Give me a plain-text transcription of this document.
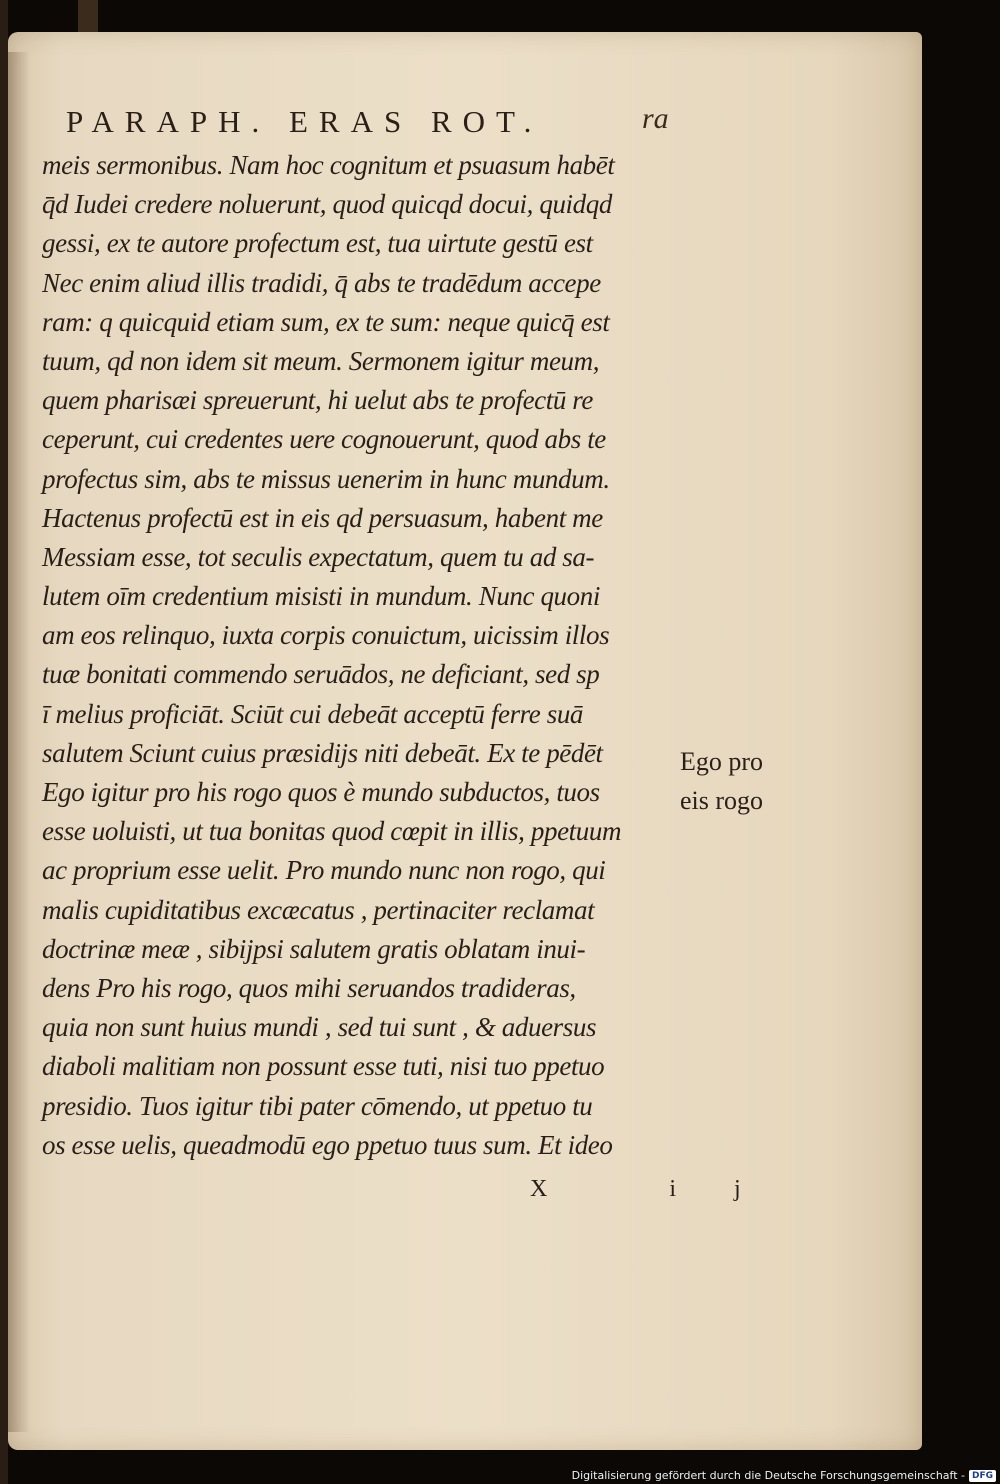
PARAPH. ERAS ROT.	ra
meis sermonibus. Nam hoc cognitum et psuasum habēt
q̄d Iudei credere noluerunt, quod quicqd docui, quidqd
gessi, ex te autore profectum est, tua uirtute gestū est
Nec enim aliud illis tradidi, q̄ abs te tradēdum accepe
ram: q quicquid etiam sum, ex te sum: neque quicq̄ est
tuum, qd non idem sit meum. Sermonem igitur meum,
quem pharisæi spreuerunt, hi uelut abs te profectū re
ceperunt, cui credentes uere cognouerunt, quod abs te
profectus sim, abs te missus uenerim in hunc mundum.
Hactenus profectū est in eis qd persuasum, habent me
Messiam esse, tot seculis expectatum, quem tu ad sa-
lutem oīm credentium misisti in mundum. Nunc quoni
am eos relinquo, iuxta corpis conuictum, uicissim illos
tuæ bonitati commendo seruādos, ne deficiant, sed sp
ī melius proficiāt. Sciūt cui debeāt acceptū ferre suā
salutem Sciunt cuius præsidijs niti debeāt. Ex te pēdēt
Ego igitur pro his rogo quos è mundo subductos, tuos
esse uoluisti, ut tua bonitas quod cœpit in illis, ppetuum
ac proprium esse uelit. Pro mundo nunc non rogo, qui
malis cupiditatibus excæcatus , pertinaciter reclamat
doctrinæ meæ , sibijpsi salutem gratis oblatam inui-
dens Pro his rogo, quos mihi seruandos tradideras,
quia non sunt huius mundi , sed tui sunt , & aduersus
diaboli malitiam non possunt esse tuti, nisi tuo ppetuo
presidio. Tuos igitur tibi pater cōmendo, ut ppetuo tu
os esse uelis, queadmodū ego ppetuo tuus sum. Et ideo
Ego pro
eis rogo
X ij
Digitalisierung gefördert durch die Deutsche Forschungsgemeinschaft - DFG
